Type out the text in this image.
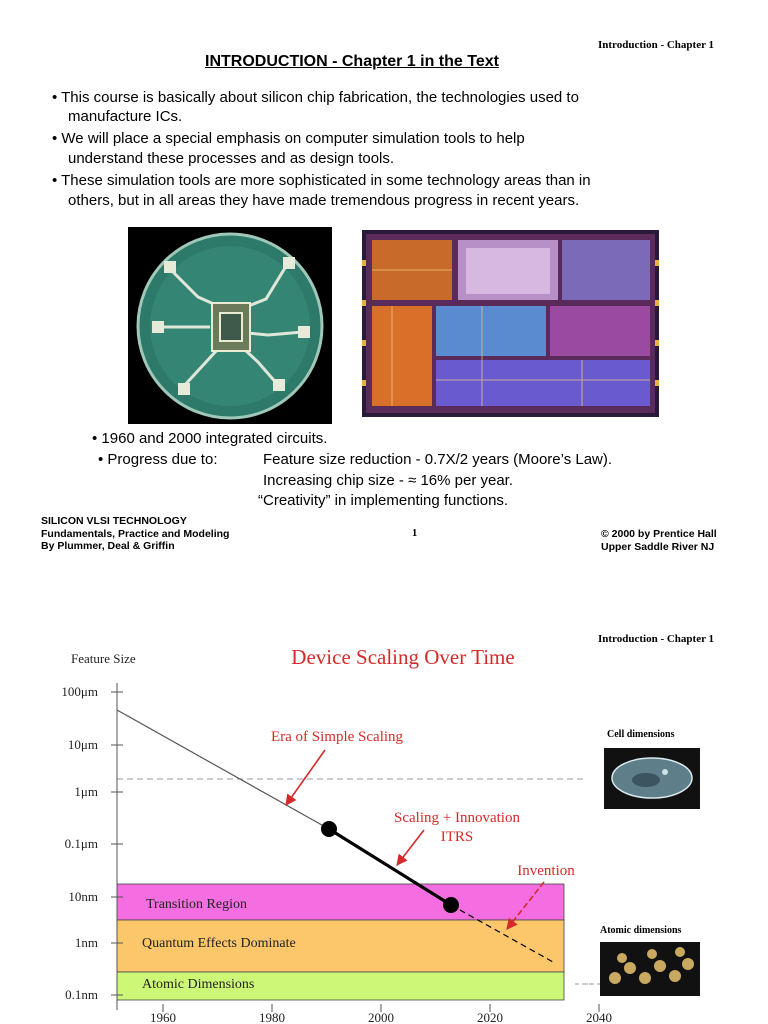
Introduction - Chapter 1
INTRODUCTION - Chapter 1 in the Text
• This course is basically about silicon chip fabrication, the technologies used to
manufacture ICs.
• We will place a special emphasis on computer simulation tools to help
understand these processes and as design tools.
• These simulation tools are more sophisticated in some technology areas than in
others, but in all areas they have made tremendous progress in recent years.
• 1960 and 2000 integrated circuits.
• Progress due to:	Feature size reduction - 0.7X/2 years (Moore’s Law).
Increasing chip size - ≈ 16% per year.
“Creativity” in implementing functions.
SILICON VLSI TECHNOLOGY
Fundamentals, Practice and Modeling
By Plummer, Deal & Griffin
1	© 2000 by Prentice Hall
Upper Saddle River NJ
Introduction - Chapter 1
Device Scaling Over Time
Feature Size
Transition Region
Quantum Effects Dominate
Atomic Dimensions
100μm
10μm
1μm
0.1μm
10nm
1nm
0.1nm
1960	1980	2000	2020	2040
Era of Simple Scaling
Scaling + Innovation
ITRS
Invention
Cell dimensions
Atomic dimensions
